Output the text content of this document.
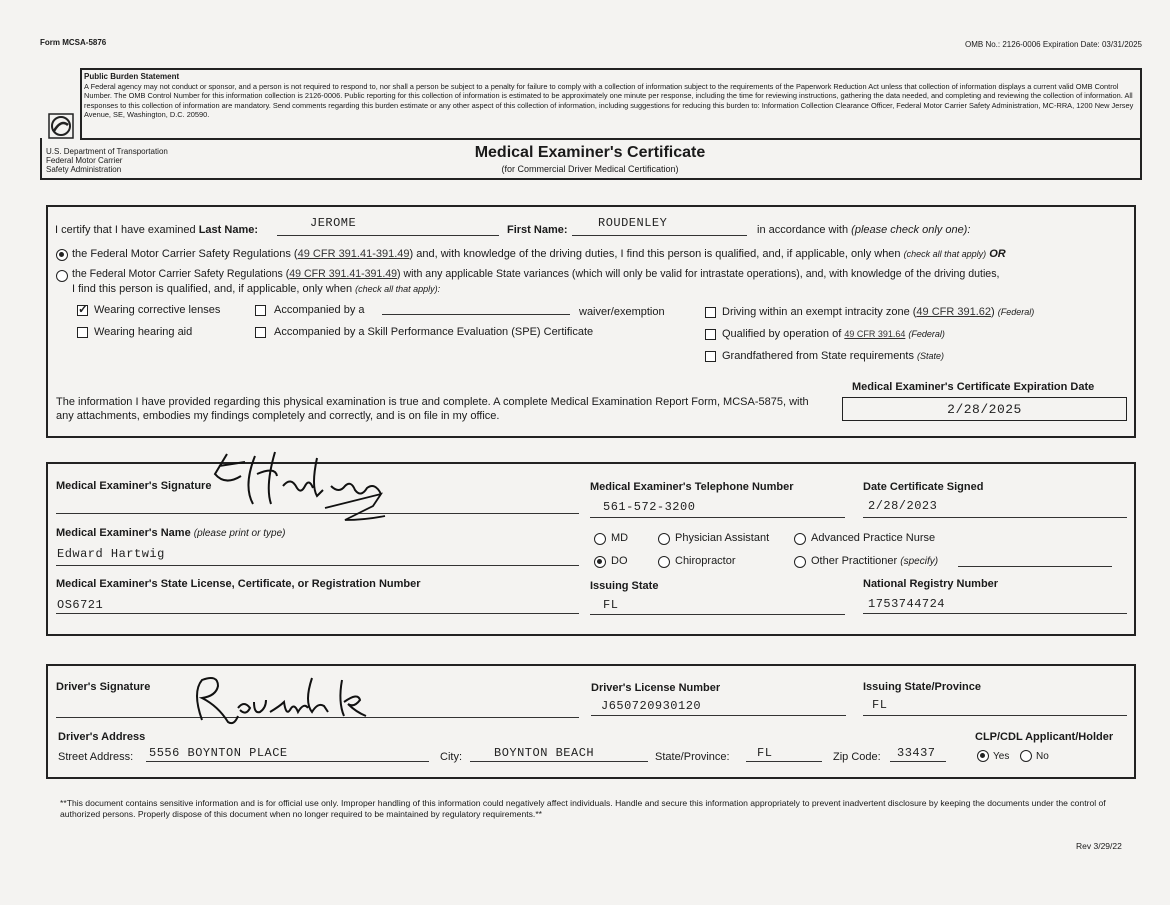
Form MCSA-5876	OMB No.: 2126-0006 Expiration Date: 03/31/2025
Public Burden Statement
A Federal agency may not conduct or sponsor, and a person is not required to respond to, nor shall a person be subject to a penalty for failure to comply with a collection of information subject to the requirements of the Paperwork Reduction Act unless that collection of information displays a current valid OMB Control Number. The OMB Control Number for this information collection is 2126-0006. Public reporting for this collection of information is estimated to be approximately one minute per response, including the time for reviewing instructions, gathering the data needed, and completing and reviewing the collection of information. All responses to this collection of information are mandatory. Send comments regarding this burden estimate or any other aspect of this collection of information, including suggestions for reducing this burden to: Information Collection Clearance Officer, Federal Motor Carrier Safety Administration, MC-RRA, 1200 New Jersey Avenue, SE, Washington, D.C. 20590.
U.S. Department of Transportation
Federal Motor Carrier
Safety Administration
Medical Examiner's Certificate
(for Commercial Driver Medical Certification)
I certify that I have examined Last Name:	JEROME	First Name:	ROUDENLEY	in accordance with (please check only one):
the Federal Motor Carrier Safety Regulations (49 CFR 391.41-391.49) and, with knowledge of the driving duties, I find this person is qualified, and, if applicable, only when (check all that apply) OR
the Federal Motor Carrier Safety Regulations (49 CFR 391.41-391.49) with any applicable State variances (which will only be valid for intrastate operations), and, with knowledge of the driving duties,
I find this person is qualified, and, if applicable, only when (check all that apply):
✓
Wearing corrective lenses
Wearing hearing aid
Accompanied by a	waiver/exemption
Accompanied by a Skill Performance Evaluation (SPE) Certificate
Driving within an exempt intracity zone (49 CFR 391.62) (Federal)
Qualified by operation of 49 CFR 391.64 (Federal)
Grandfathered from State requirements (State)
The information I have provided regarding this physical examination is true and complete. A complete Medical Examination Report Form, MCSA-5875, with any attachments, embodies my findings completely and correctly, and is on file in my office.
Medical Examiner's Certificate Expiration Date
2/28/2025
Medical Examiner's Signature	Medical Examiner's Telephone Number
561-572-3200
Date Certificate Signed
2/28/2023
Medical Examiner's Name (please print or type)
Edward Hartwig
MD
DO
Physician Assistant
Chiropractor
Advanced Practice Nurse
Other Practitioner (specify)
Medical Examiner's State License, Certificate, or Registration Number
OS6721
Issuing State
FL
National Registry Number
1753744724
Driver's Signature	Driver's License Number
J650720930120
Issuing State/Province
FL
Driver's Address
Street Address: 5556 BOYNTON PLACE	City:	BOYNTON BEACH	State/Province: FL	Zip Code: 33437
CLP/CDL Applicant/Holder
Yes	No
**This document contains sensitive information and is for official use only. Improper handling of this information could negatively affect individuals. Handle and secure this information appropriately to prevent inadvertent disclosure by keeping the documents under the control of authorized persons. Properly dispose of this document when no longer required to be maintained by regulatory requirements.**
Rev 3/29/22
